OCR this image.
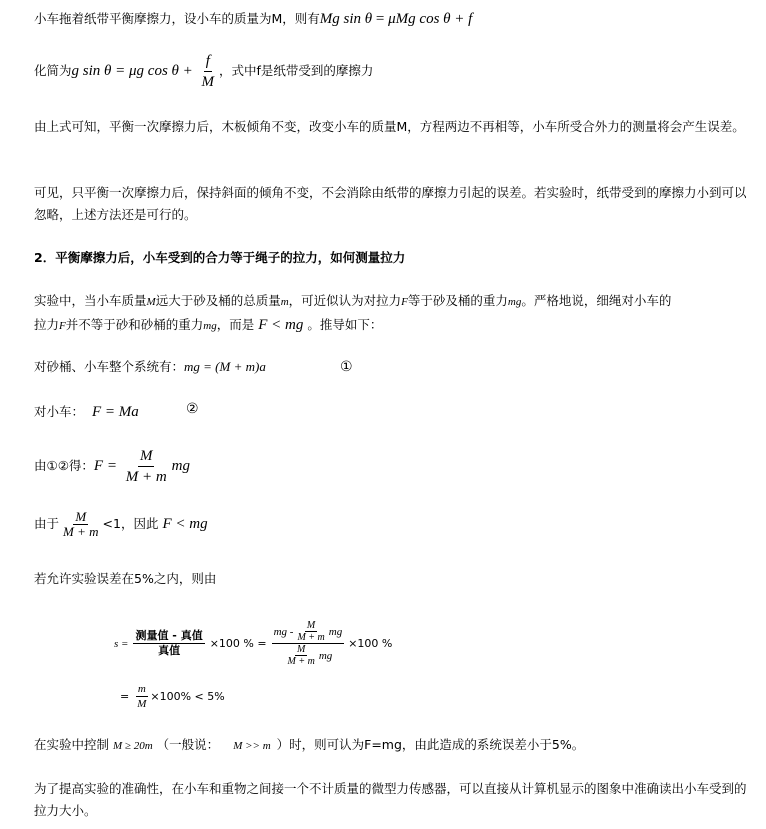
小车拖着纸带平衡摩擦力，设小车的质量为M，则有Mg sin θ = μMg cos θ + f
化简为g sin θ = μg $\cos \theta + \frac{f}{M}$ ，式中f是纸带受到的摩擦力
由上式可知，平衡一次摩擦力后，木板倾角不变，改变小车的质量M，方程两边不再相等，小车所受合外力的测量将会产生误差。
可见，只平衡一次摩擦力后，保持斜面的倾角不变，不会消除由纸带的摩擦力引起的误差。若实验时，纸带受到的摩擦力小到可以忽略，上述方法还是可行的。
2．平衡摩擦力后，小车受到的合力等于绳子的拉力，如何测量拉力
实验中，当小车质量M远大于砂及桶的总质量m，可近似认为对拉力F等于砂及桶的重力mg。严格地说，细绳对小车的
拉力F并不等于砂和砂桶的重力mg，而是 F < mg 。推导如下：
对砂桶、小车整个系统有：mg = (M + m)a	①
对小车： F = Ma	②
由①②得：$F = \frac{M}{M + m}$ mg
由于 $\frac{M}{M + m} <1$，因此 F < mg
若允许实验误差在5%之内，则由
$s = \frac{\text{测量值 - 真值}}{\text{真值}} \times 100$ % = $\frac{mg - \frac{M}{M + m} mg}{\frac{M}{M + m} mg} \times 100$ %
= $\frac{m}{M} \times 100\% < 5\%$
在实验中控制 M ≥ 20m （一般说： M >> m ）时，则可认为F=mg，由此造成的系统误差小于5%。
为了提高实验的准确性，在小车和重物之间接一个不计质量的微型力传感器，可以直接从计算机显示的图象中准确读出小车受到的拉力大小。
